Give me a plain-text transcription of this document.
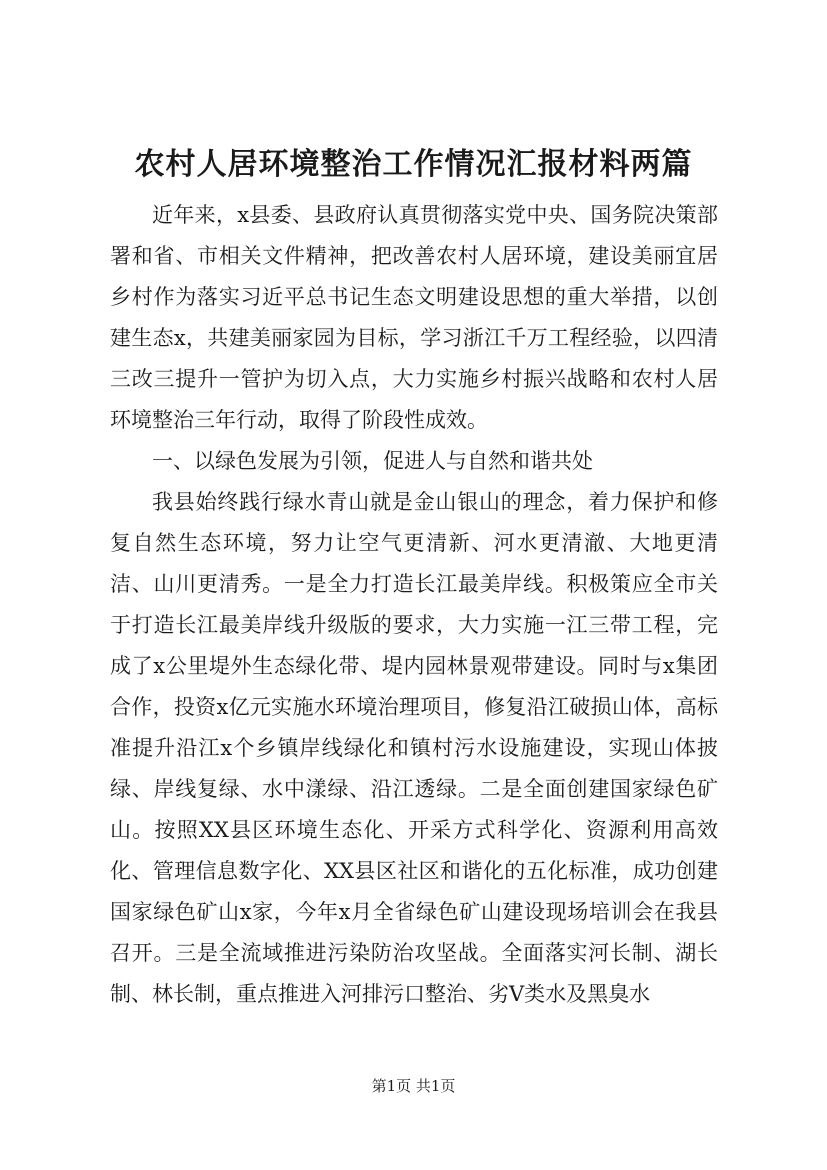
农村人居环境整治工作情况汇报材料两篇

近年来，x县委、县政府认真贯彻落实党中央、国务院决策部署和省、市相关文件精神，把改善农村人居环境，建设美丽宜居乡村作为落实习近平总书记生态文明建设思想的重大举措，以创建生态x，共建美丽家园为目标，学习浙江千万工程经验，以四清三改三提升一管护为切入点，大力实施乡村振兴战略和农村人居环境整治三年行动，取得了阶段性成效。

一、以绿色发展为引领，促进人与自然和谐共处

我县始终践行绿水青山就是金山银山的理念，着力保护和修复自然生态环境，努力让空气更清新、河水更清澈、大地更清洁、山川更清秀。一是全力打造长江最美岸线。积极策应全市关于打造长江最美岸线升级版的要求，大力实施一江三带工程，完成了x公里堤外生态绿化带、堤内园林景观带建设。同时与x集团合作，投资x亿元实施水环境治理项目，修复沿江破损山体，高标准提升沿江x个乡镇岸线绿化和镇村污水设施建设，实现山体披绿、岸线复绿、水中漾绿、沿江透绿。二是全面创建国家绿色矿山。按照XX县区环境生态化、开采方式科学化、资源利用高效化、管理信息数字化、XX县区社区和谐化的五化标准，成功创建国家绿色矿山x家，今年x月全省绿色矿山建设现场培训会在我县召开。三是全流域推进污染防治攻坚战。全面落实河长制、湖长制、林长制，重点推进入河排污口整治、劣V类水及黑臭水

第1页 共1页
